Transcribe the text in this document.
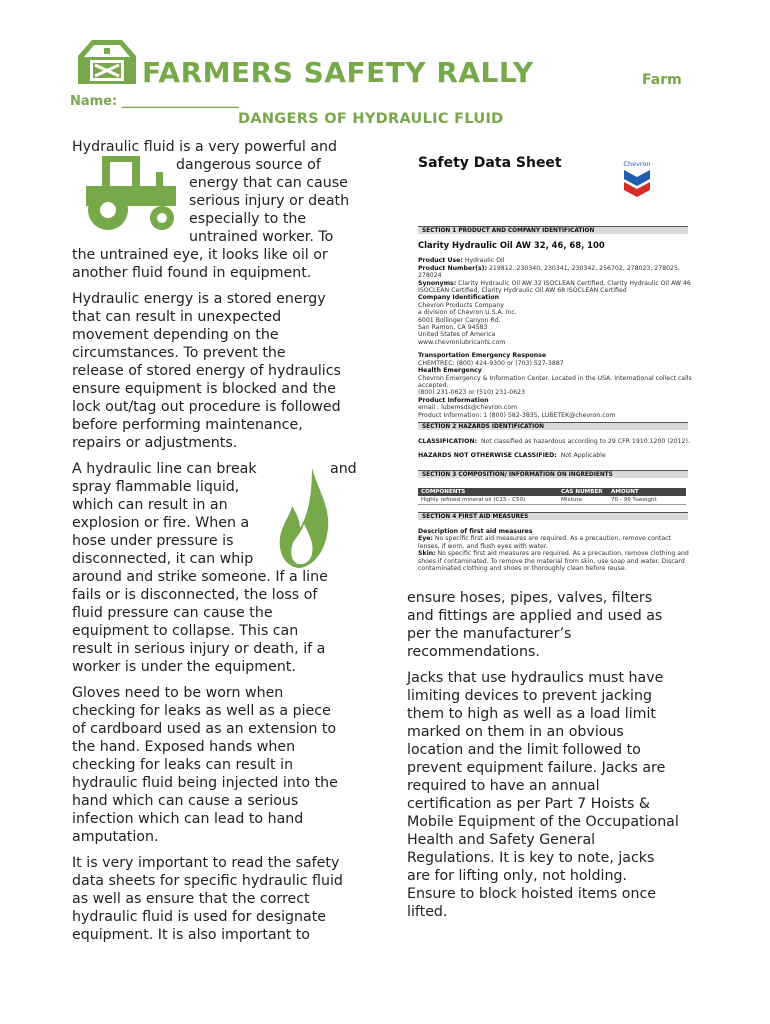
FARMERS SAFETY RALLY	Farm
Name: __________________
DANGERS OF HYDRAULIC FLUID

Hydraulic fluid is a very powerful and
dangerous source of
energy that can cause
serious injury or death
especially to the
untrained worker. To
the untrained eye, it looks like oil or
another fluid found in equipment.

Hydraulic energy is a stored energy
that can result in unexpected
movement depending on the
circumstances. To prevent the
release of stored energy of hydraulics
ensure equipment is blocked and the
lock out/tag out procedure is followed
before performing maintenance,
repairs or adjustments.

A hydraulic line can break	and
spray flammable liquid,
which can result in an
explosion or fire. When a
hose under pressure is
disconnected, it can whip
around and strike someone. If a line
fails or is disconnected, the loss of
fluid pressure can cause the
equipment to collapse. This can
result in serious injury or death, if a
worker is under the equipment.

Gloves need to be worn when
checking for leaks as well as a piece
of cardboard used as an extension to
the hand. Exposed hands when
checking for leaks can result in
hydraulic fluid being injected into the
hand which can cause a serious
infection which can lead to hand
amputation.

It is very important to read the safety
data sheets for specific hydraulic fluid
as well as ensure that the correct
hydraulic fluid is used for designate
equipment. It is also important to

Safety Data Sheet	Chevron
SECTION 1 PRODUCT AND COMPANY IDENTIFICATION
Clarity Hydraulic Oil AW 32, 46, 68, 100
Product Use: Hydraulic Oil
Product Number(s): 219812, 230340, 230341, 230342, 256702, 278023, 278025, 278024
Synonyms: Clarity Hydraulic Oil AW 32 ISOCLEAN Certified, Clarity Hydraulic Oil AW 46 ISOCLEAN Certified, Clarity Hydraulic Oil AW 68 ISOCLEAN Certified
Company Identification
Chevron Products Company
a division of Chevron U.S.A. Inc.
6001 Bollinger Canyon Rd.
San Ramon, CA 94583
United States of America
www.chevronlubricants.com
Transportation Emergency Response
CHEMTREC: (800) 424-9300 or (703) 527-3887
Health Emergency
Chevron Emergency & Information Center. Located in the USA. International collect calls accepted.
(800) 231-0623 or (510) 231-0623
Product Information
email : lubemsds@chevron.com
Product Information: 1 (800) 582-3835, LUBETEK@chevron.com
SECTION 2 HAZARDS IDENTIFICATION
CLASSIFICATION: Not classified as hazardous according to 29 CFR 1910.1200 (2012).
HAZARDS NOT OTHERWISE CLASSIFIED: Not Applicable
SECTION 3 COMPOSITION/ INFORMATION ON INGREDIENTS
COMPONENTS	CAS NUMBER	AMOUNT
Highly refined mineral oil (C15 - C50)	Mixture	70 - 99 %weight
SECTION 4 FIRST AID MEASURES
Description of first aid measures
Eye: No specific first aid measures are required. As a precaution, remove contact lenses, if worn, and flush eyes with water.
Skin: No specific first aid measures are required. As a precaution, remove clothing and shoes if contaminated. To remove the material from skin, use soap and water. Discard contaminated clothing and shoes or thoroughly clean before reuse.

ensure hoses, pipes, valves, filters
and fittings are applied and used as
per the manufacturer’s
recommendations.

Jacks that use hydraulics must have
limiting devices to prevent jacking
them to high as well as a load limit
marked on them in an obvious
location and the limit followed to
prevent equipment failure. Jacks are
required to have an annual
certification as per Part 7 Hoists &
Mobile Equipment of the Occupational
Health and Safety General
Regulations. It is key to note, jacks
are for lifting only, not holding.
Ensure to block hoisted items once
lifted.
